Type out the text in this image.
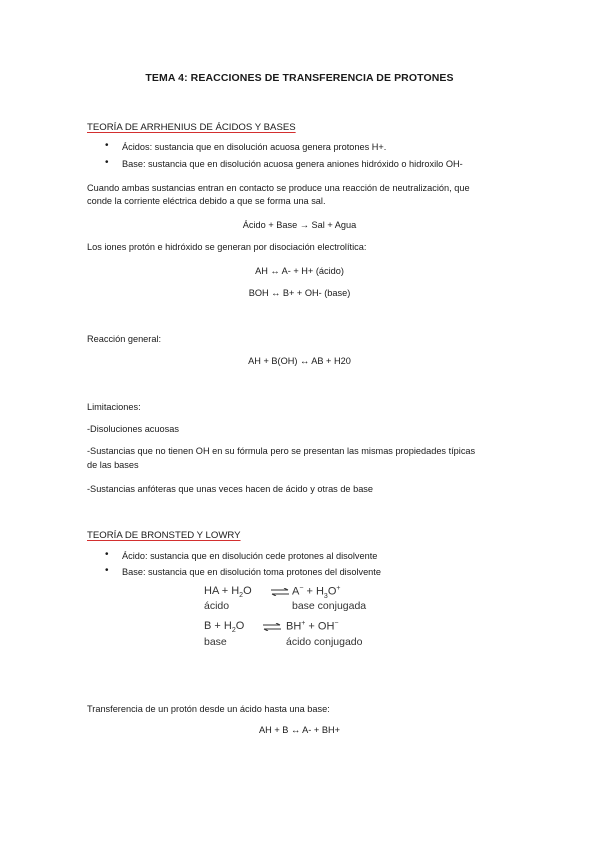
TEMA 4: REACCIONES DE TRANSFERENCIA DE PROTONES
TEORÍA DE ARRHENIUS DE ÁCIDOS Y BASES
• Ácidos: sustancia que en disolución acuosa genera protones H+.
• Base: sustancia que en disolución acuosa genera aniones hidróxido o hidroxilo OH-
Cuando ambas sustancias entran en contacto se produce una reacción de neutralización, que
conde la corriente eléctrica debido a que se forma una sal.
Ácido + Base → Sal + Agua
Los iones protón e hidróxido se generan por disociación electrolítica:
AH ↔ A- + H+ (ácido)
BOH ↔ B+ + OH- (base)
Reacción general:
AH + B(OH) ↔ AB + H20
Limitaciones:
-Disoluciones acuosas
-Sustancias que no tienen OH en su fórmula pero se presentan las mismas propiedades típicas
de las bases
-Sustancias anfóteras que unas veces hacen de ácido y otras de base
TEORÍA DE BRONSTED Y LOWRY
• Ácido: sustancia que en disolución cede protones al disolvente
• Base: sustancia que en disolución toma protones del disolvente
HA + $H_2O$ ⇌ $A^- + H_3O^+$
ácido	base conjugada
$B + H_2O$ ⇌ BH+ + OH−
base	ácido conjugado
Transferencia de un protón desde un ácido hasta una base:
AH + B ↔ A- + BH+
